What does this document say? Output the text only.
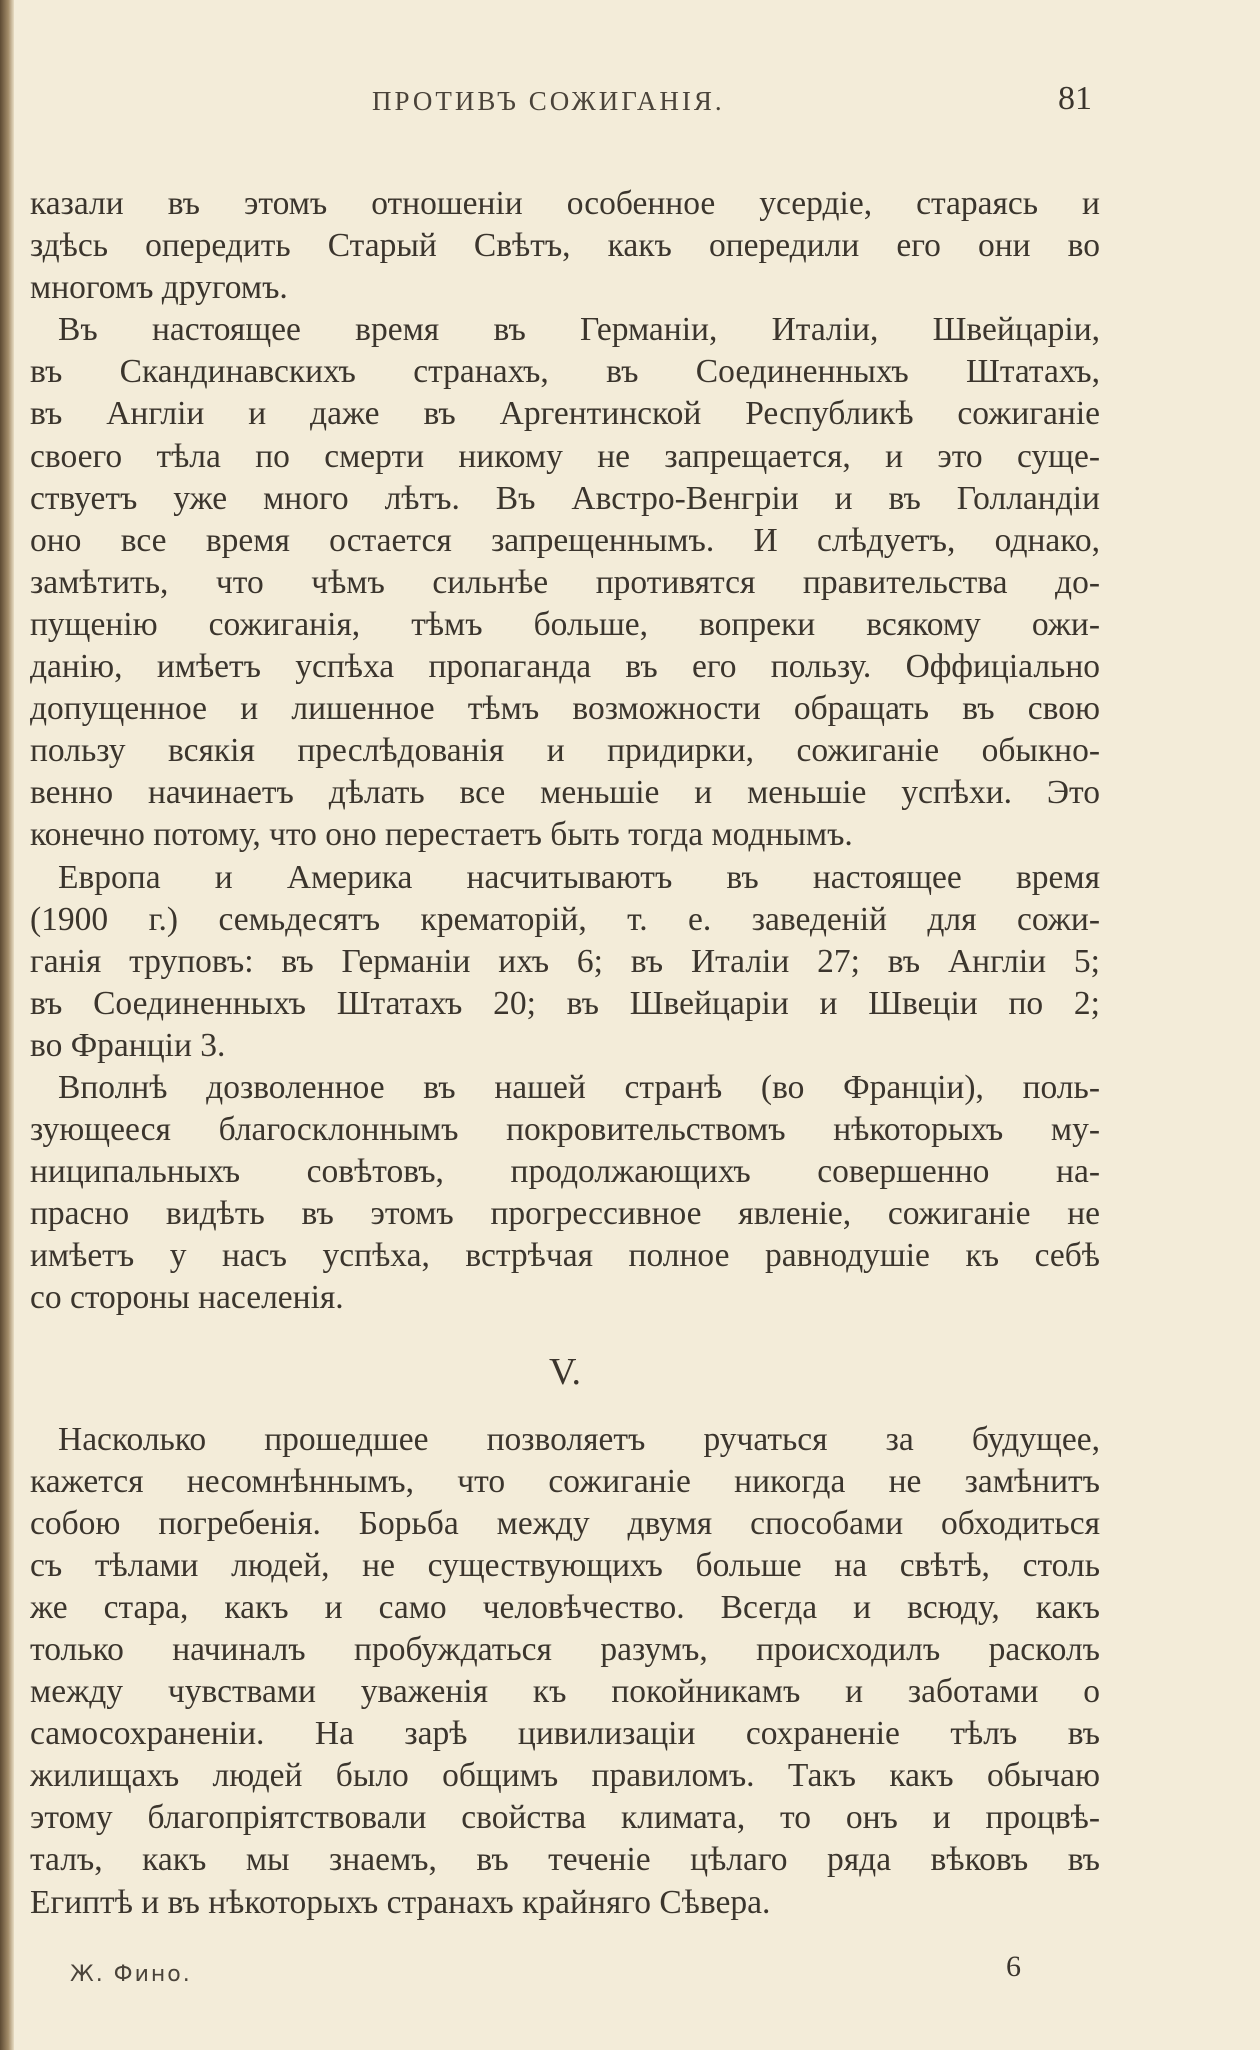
ПРОТИВЪ СОЖИГАНІЯ.	81
казали въ этомъ отношеніи особенное усердіе, стараясь и
здѣсь опередить Старый Свѣтъ, какъ опередили его они во
многомъ другомъ.
Въ настоящее время въ Германіи, Италіи, Швейцаріи,
въ Скандинавскихъ странахъ, въ Соединенныхъ Штатахъ,
въ Англіи и даже въ Аргентинской Республикѣ сожиганіе
своего тѣла по смерти никому не запрещается, и это суще-
ствуетъ уже много лѣтъ. Въ Австро-Венгріи и въ Голландіи
оно все время остается запрещеннымъ. И слѣдуетъ, однако,
замѣтить, что чѣмъ сильнѣе противятся правительства до-
пущенію сожиганія, тѣмъ больше, вопреки всякому ожи-
данію, имѣетъ успѣха пропаганда въ его пользу. Оффиціально
допущенное и лишенное тѣмъ возможности обращать въ свою
пользу всякія преслѣдованія и придирки, сожиганіе обыкно-
венно начинаетъ дѣлать все меньшіе и меньшіе успѣхи. Это
конечно потому, что оно перестаетъ быть тогда моднымъ.
Европа и Америка насчитываютъ въ настоящее время
(1900 г.) семьдесятъ крематорій, т. е. заведеній для сожи-
ганія труповъ: въ Германіи ихъ 6; въ Италіи 27; въ Англіи 5;
въ Соединенныхъ Штатахъ 20; въ Швейцаріи и Швеціи по 2;
во Франціи 3.
Вполнѣ дозволенное въ нашей странѣ (во Франціи), поль-
зующееся благосклоннымъ покровительствомъ нѣкоторыхъ му-
ниципальныхъ совѣтовъ, продолжающихъ совершенно на-
прасно видѣть въ этомъ прогрессивное явленіе, сожиганіе не
имѣетъ у насъ успѣха, встрѣчая полное равнодушіе къ себѣ
со стороны населенія.
V.
Насколько прошедшее позволяетъ ручаться за будущее,
кажется несомнѣннымъ, что сожиганіе никогда не замѣнитъ
собою погребенія. Борьба между двумя способами обходиться
съ тѣлами людей, не существующихъ больше на свѣтѣ, столь
же стара, какъ и само человѣчество. Всегда и всюду, какъ
только начиналъ пробуждаться разумъ, происходилъ расколъ
между чувствами уваженія къ покойникамъ и заботами о
самосохраненіи. На зарѣ цивилизаціи сохраненіе тѣлъ въ
жилищахъ людей было общимъ правиломъ. Такъ какъ обычаю
этому благопріятствовали свойства климата, то онъ и процвѣ-
талъ, какъ мы знаемъ, въ теченіе цѣлаго ряда вѣковъ въ
Египтѣ и въ нѣкоторыхъ странахъ крайняго Сѣвера.
Ж. Фино.	6
